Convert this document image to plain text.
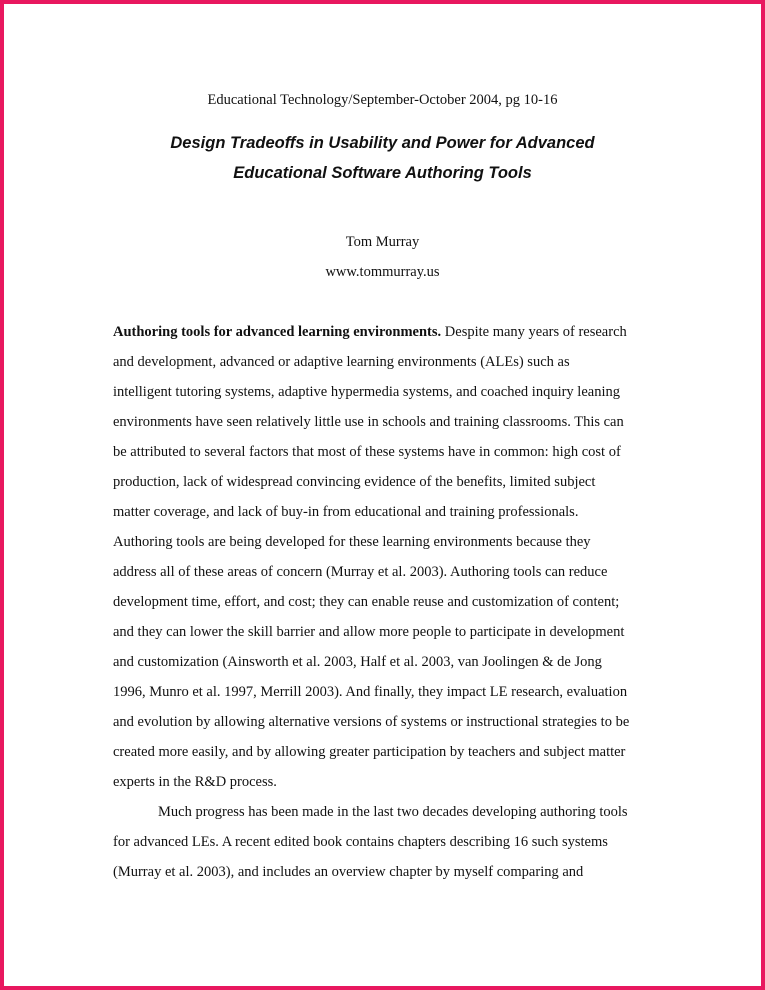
Educational Technology/September-October 2004, pg 10-16
Design Tradeoffs in Usability and Power for Advanced
Educational Software Authoring Tools
Tom Murray
www.tommurray.us
Authoring tools for advanced learning environments. Despite many years of research
and development, advanced or adaptive learning environments (ALEs) such as
intelligent tutoring systems, adaptive hypermedia systems, and coached inquiry leaning
environments have seen relatively little use in schools and training classrooms. This can
be attributed to several factors that most of these systems have in common: high cost of
production, lack of widespread convincing evidence of the benefits, limited subject
matter coverage, and lack of buy-in from educational and training professionals.
Authoring tools are being developed for these learning environments because they
address all of these areas of concern (Murray et al. 2003). Authoring tools can reduce
development time, effort, and cost; they can enable reuse and customization of content;
and they can lower the skill barrier and allow more people to participate in development
and customization (Ainsworth et al. 2003, Half et al. 2003, van Joolingen & de Jong
1996, Munro et al. 1997, Merrill 2003). And finally, they impact LE research, evaluation
and evolution by allowing alternative versions of systems or instructional strategies to be
created more easily, and by allowing greater participation by teachers and subject matter
experts in the R&D process.
Much progress has been made in the last two decades developing authoring tools
for advanced LEs. A recent edited book contains chapters describing 16 such systems
(Murray et al. 2003), and includes an overview chapter by myself comparing and
